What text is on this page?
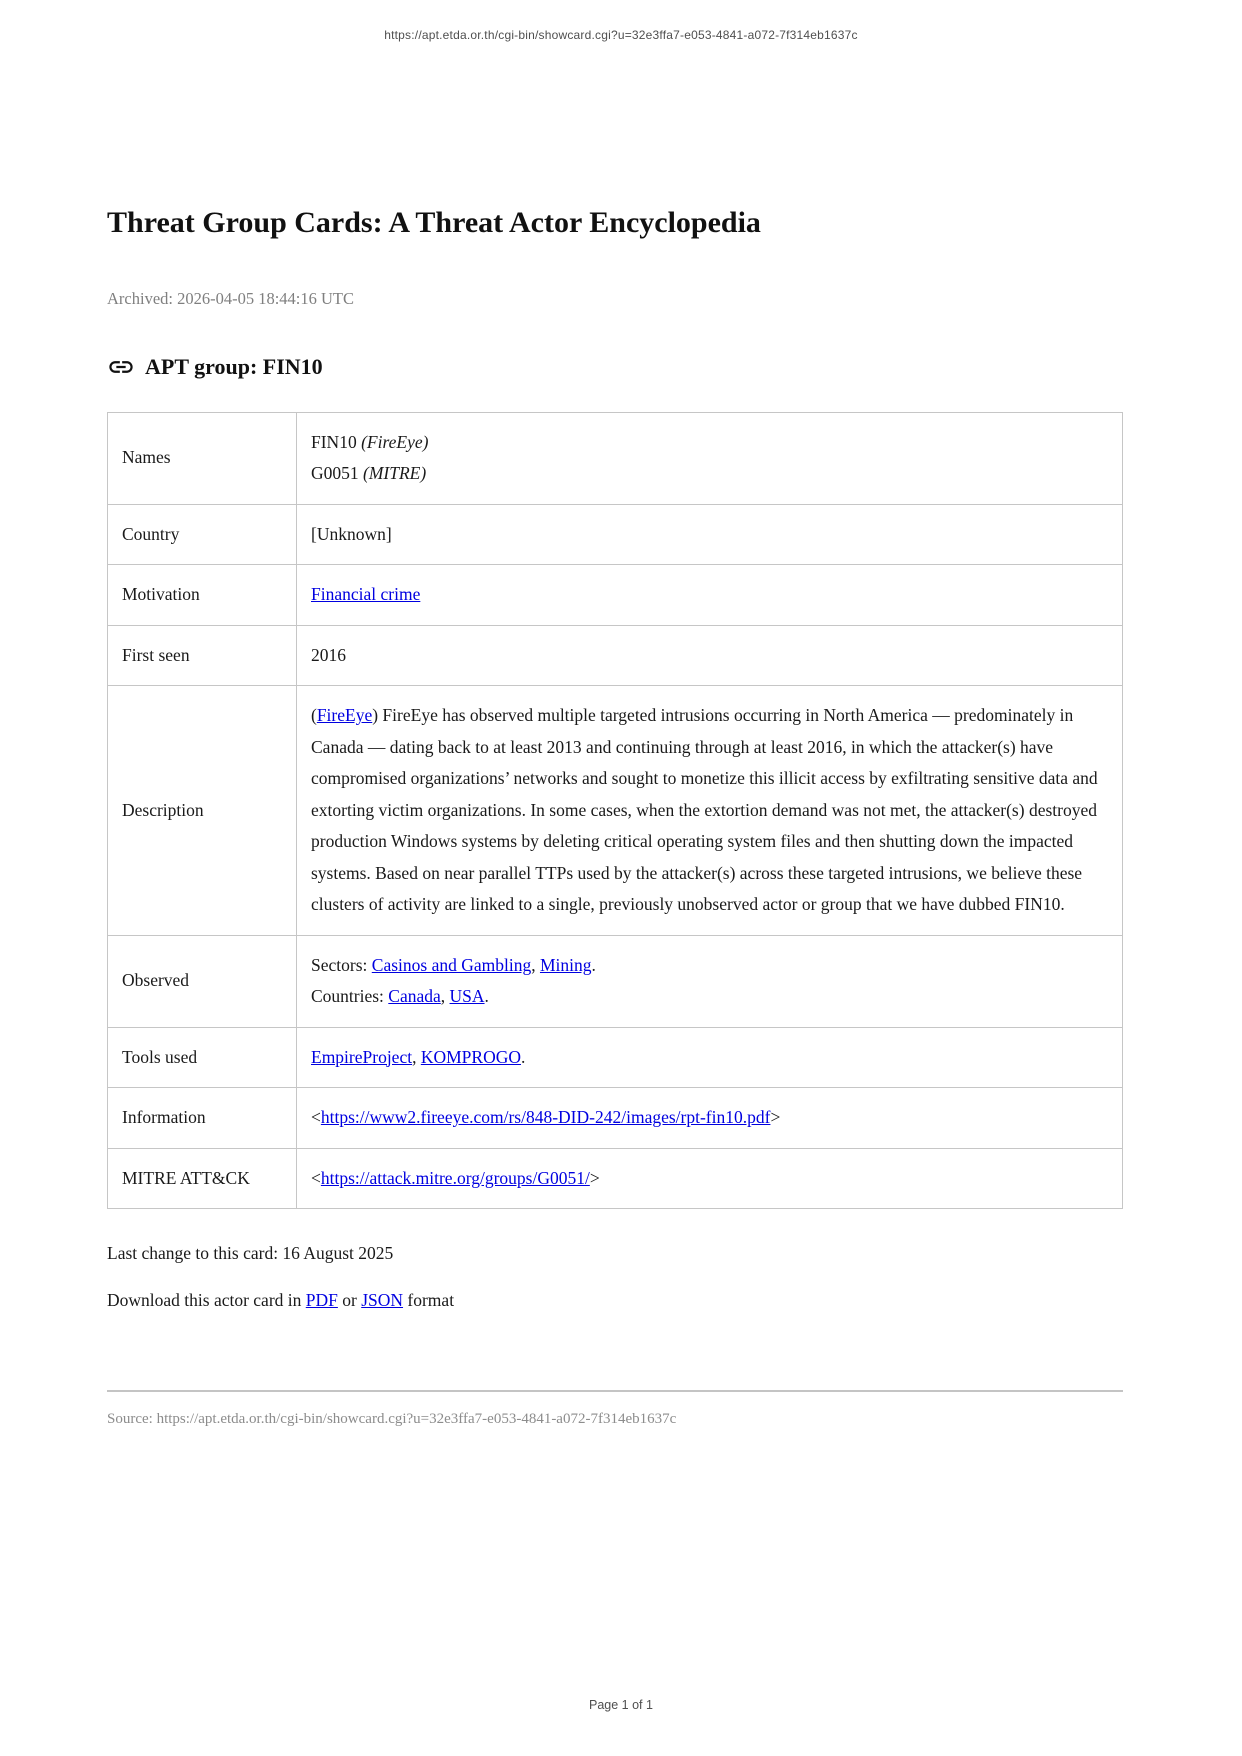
https://apt.etda.or.th/cgi-bin/showcard.cgi?u=32e3ffa7-e053-4841-a072-7f314eb1637c
Threat Group Cards: A Threat Actor Encyclopedia
Archived: 2026-04-05 18:44:16 UTC
APT group: FIN10
Names	FIN10 (FireEye)
G0051 (MITRE)
Country	[Unknown]
Motivation	Financial crime
First seen	2016
Description	(FireEye) FireEye has observed multiple targeted intrusions occurring in North America — predominately in Canada — dating back to at least 2013 and continuing through at least 2016, in which the attacker(s) have compromised organizations’ networks and sought to monetize this illicit access by exfiltrating sensitive data and extorting victim organizations. In some cases, when the extortion demand was not met, the attacker(s) destroyed production Windows systems by deleting critical operating system files and then shutting down the impacted systems. Based on near parallel TTPs used by the attacker(s) across these targeted intrusions, we believe these clusters of activity are linked to a single, previously unobserved actor or group that we have dubbed FIN10.
Observed	Sectors: Casinos and Gambling, Mining.
Countries: Canada, USA.
Tools used	EmpireProject, KOMPROGO.
Information	<https://www2.fireeye.com/rs/848-DID-242/images/rpt-fin10.pdf>
MITRE ATT&CK	<https://attack.mitre.org/groups/G0051/>
Last change to this card: 16 August 2025
Download this actor card in PDF or JSON format
Source: https://apt.etda.or.th/cgi-bin/showcard.cgi?u=32e3ffa7-e053-4841-a072-7f314eb1637c
Page 1 of 1
